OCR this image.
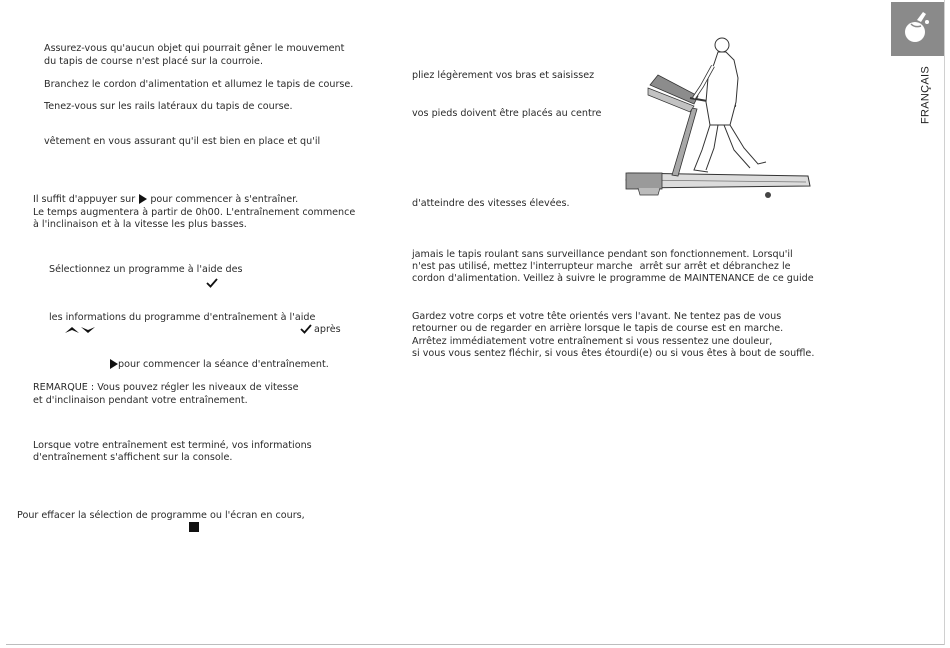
Assurez-vous qu'aucun objet qui pourrait gêner le mouvement
du tapis de course n'est placé sur la courroie.
Branchez le cordon d'alimentation et allumez le tapis de course.
Tenez-vous sur les rails latéraux du tapis de course.
vêtement en vous assurant qu'il est bien en place et qu'il
Il suffit d'appuyer sur pour commencer à s'entraîner.
Le temps augmentera à partir de 0h00. L'entraînement commence
à l'inclinaison et à la vitesse les plus basses.
Sélectionnez un programme à l'aide des
les informations du programme d'entraînement à l'aide
après
pour commencer la séance d'entraînement.
REMARQUE : Vous pouvez régler les niveaux de vitesse
et d'inclinaison pendant votre entraînement.
Lorsque votre entraînement est terminé, vos informations
d'entraînement s'affichent sur la console.
Pour effacer la sélection de programme ou l'écran en cours,
pliez légèrement vos bras et saisissez
vos pieds doivent être placés au centre
d'atteindre des vitesses élevées.
jamais le tapis roulant sans surveillance pendant son fonctionnement. Lorsqu'il
n'est pas utilisé, mettez l'interrupteur marche arrêt sur arrêt et débranchez le
cordon d'alimentation. Veillez à suivre le programme de MAINTENANCE de ce guide
Gardez votre corps et votre tête orientés vers l'avant. Ne tentez pas de vous
retourner ou de regarder en arrière lorsque le tapis de course est en marche.
Arrêtez immédiatement votre entraînement si vous ressentez une douleur,
si vous vous sentez fléchir, si vous êtes étourdi(e) ou si vous êtes à bout de souffle.
FRANÇAIS
